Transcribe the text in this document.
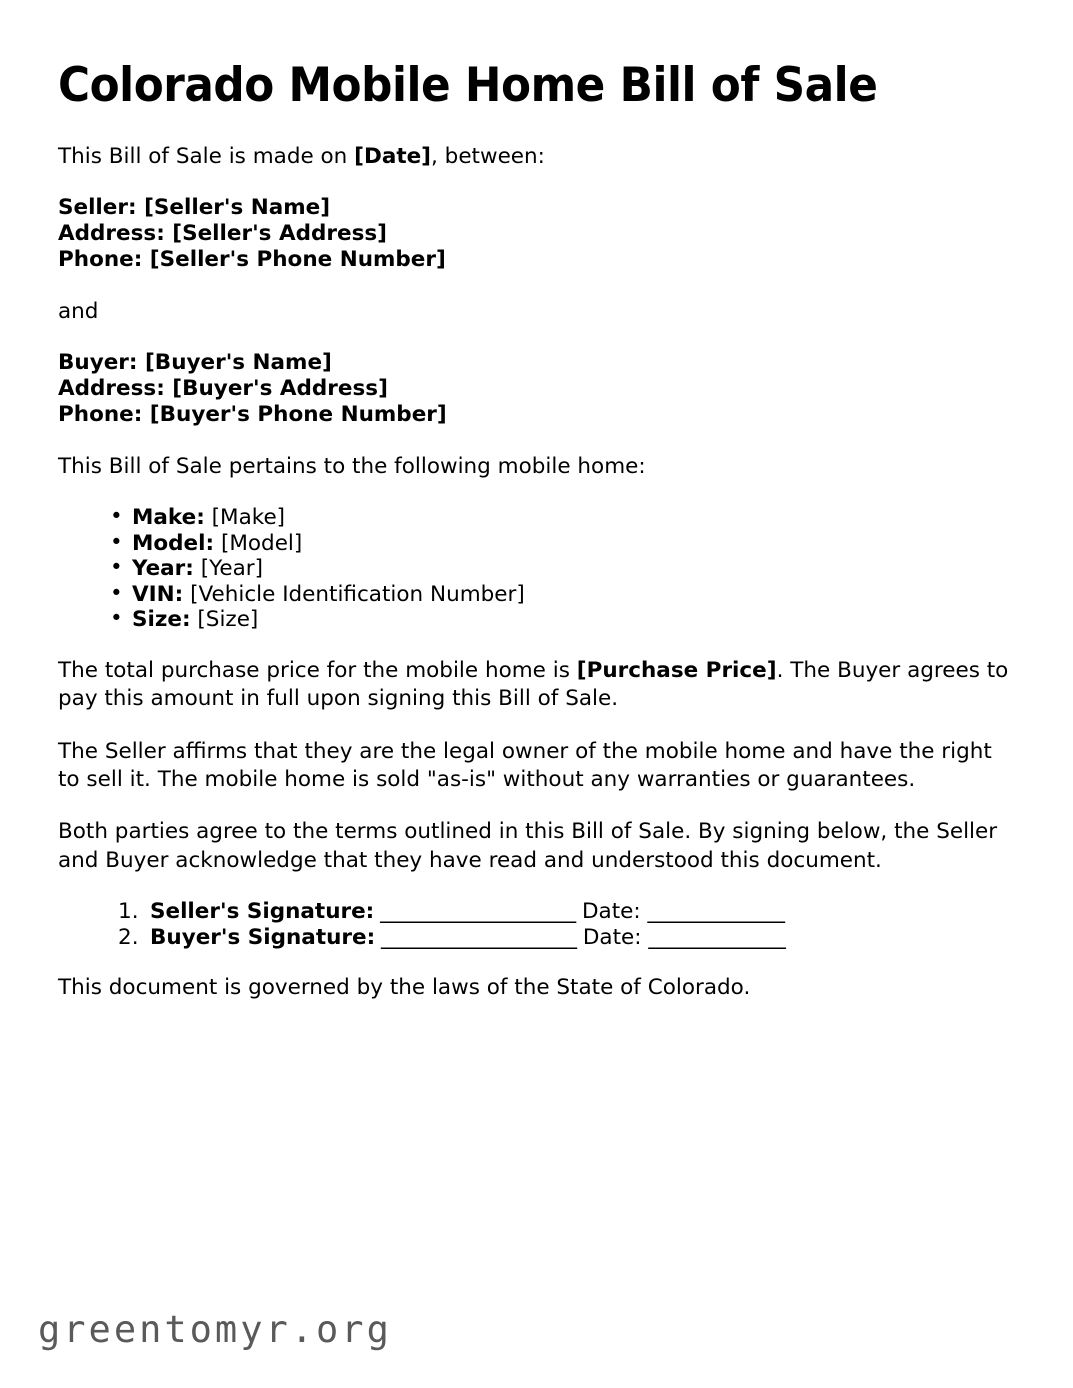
Colorado Mobile Home Bill of Sale

This Bill of Sale is made on [Date], between:

Seller: [Seller's Name]
Address: [Seller's Address]
Phone: [Seller's Phone Number]

and

Buyer: [Buyer's Name]
Address: [Buyer's Address]
Phone: [Buyer's Phone Number]

This Bill of Sale pertains to the following mobile home:

• Make: [Make]
• Model: [Model]
• Year: [Year]
• VIN: [Vehicle Identification Number]
• Size: [Size]

The total purchase price for the mobile home is [Purchase Price]. The Buyer agrees to pay this amount in full upon signing this Bill of Sale.

The Seller affirms that they are the legal owner of the mobile home and have the right to sell it. The mobile home is sold "as-is" without any warranties or guarantees.

Both parties agree to the terms outlined in this Bill of Sale. By signing below, the Seller and Buyer acknowledge that they have read and understood this document.

Seller's Signature: ____________________ Date: ______________
Buyer's Signature: ____________________ Date: ______________

This document is governed by the laws of the State of Colorado.

greentomyr.org
